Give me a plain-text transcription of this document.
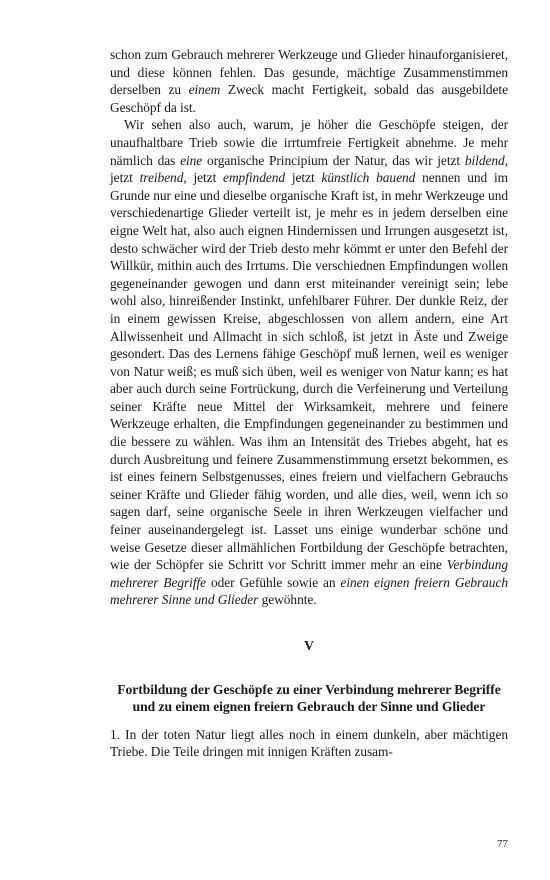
schon zum Gebrauch mehrerer Werkzeuge und Glieder hinauforganisieret, und diese können fehlen. Das gesunde, mächtige Zusammenstimmen derselben zu einem Zweck macht Fertigkeit, sobald das ausgebildete Geschöpf da ist.

Wir sehen also auch, warum, je höher die Geschöpfe steigen, der unaufhaltbare Trieb sowie die irrtumfreie Fertigkeit abnehme. Je mehr nämlich das eine organische Principium der Natur, das wir jetzt bildend, jetzt treibend, jetzt empfindend jetzt künstlich bauend nennen und im Grunde nur eine und dieselbe organische Kraft ist, in mehr Werkzeuge und verschiedenartige Glieder verteilt ist, je mehr es in jedem derselben eine eigne Welt hat, also auch eignen Hindernissen und Irrungen ausgesetzt ist, desto schwächer wird der Trieb desto mehr kömmt er unter den Befehl der Willkür, mithin auch des Irrtums. Die verschiednen Empfindungen wollen gegeneinander gewogen und dann erst miteinander vereinigt sein; lebe wohl also, hinreißender Instinkt, unfehlbarer Führer. Der dunkle Reiz, der in einem gewissen Kreise, abgeschlossen von allem andern, eine Art Allwissenheit und Allmacht in sich schloß, ist jetzt in Äste und Zweige gesondert. Das des Lernens fähige Geschöpf muß lernen, weil es weniger von Natur weiß; es muß sich üben, weil es weniger von Natur kann; es hat aber auch durch seine Fortrückung, durch die Verfeinerung und Verteilung seiner Kräfte neue Mittel der Wirksamkeit, mehrere und feinere Werkzeuge erhalten, die Empfindungen gegeneinander zu bestimmen und die bessere zu wählen. Was ihm an Intensität des Triebes abgeht, hat es durch Ausbreitung und feinere Zusammenstimmung ersetzt bekommen, es ist eines feinern Selbstgenusses, eines freiern und vielfachern Gebrauchs seiner Kräfte und Glieder fähig worden, und alle dies, weil, wenn ich so sagen darf, seine organische Seele in ihren Werkzeugen vielfacher und feiner auseinandergelegt ist. Lasset uns einige wunderbar schöne und weise Gesetze dieser allmählichen Fortbildung der Geschöpfe betrachten, wie der Schöpfer sie Schritt vor Schritt immer mehr an eine Verbindung mehrerer Begriffe oder Gefühle sowie an einen eignen freiern Gebrauch mehrerer Sinne und Glieder gewöhnte.

V
Fortbildung der Geschöpfe zu einer Verbindung mehrerer Begriffe und zu einem eignen freiern Gebrauch der Sinne und Glieder

1. In der toten Natur liegt alles noch in einem dunkeln, aber mächtigen Triebe. Die Teile dringen mit innigen Kräften zusam-

77
